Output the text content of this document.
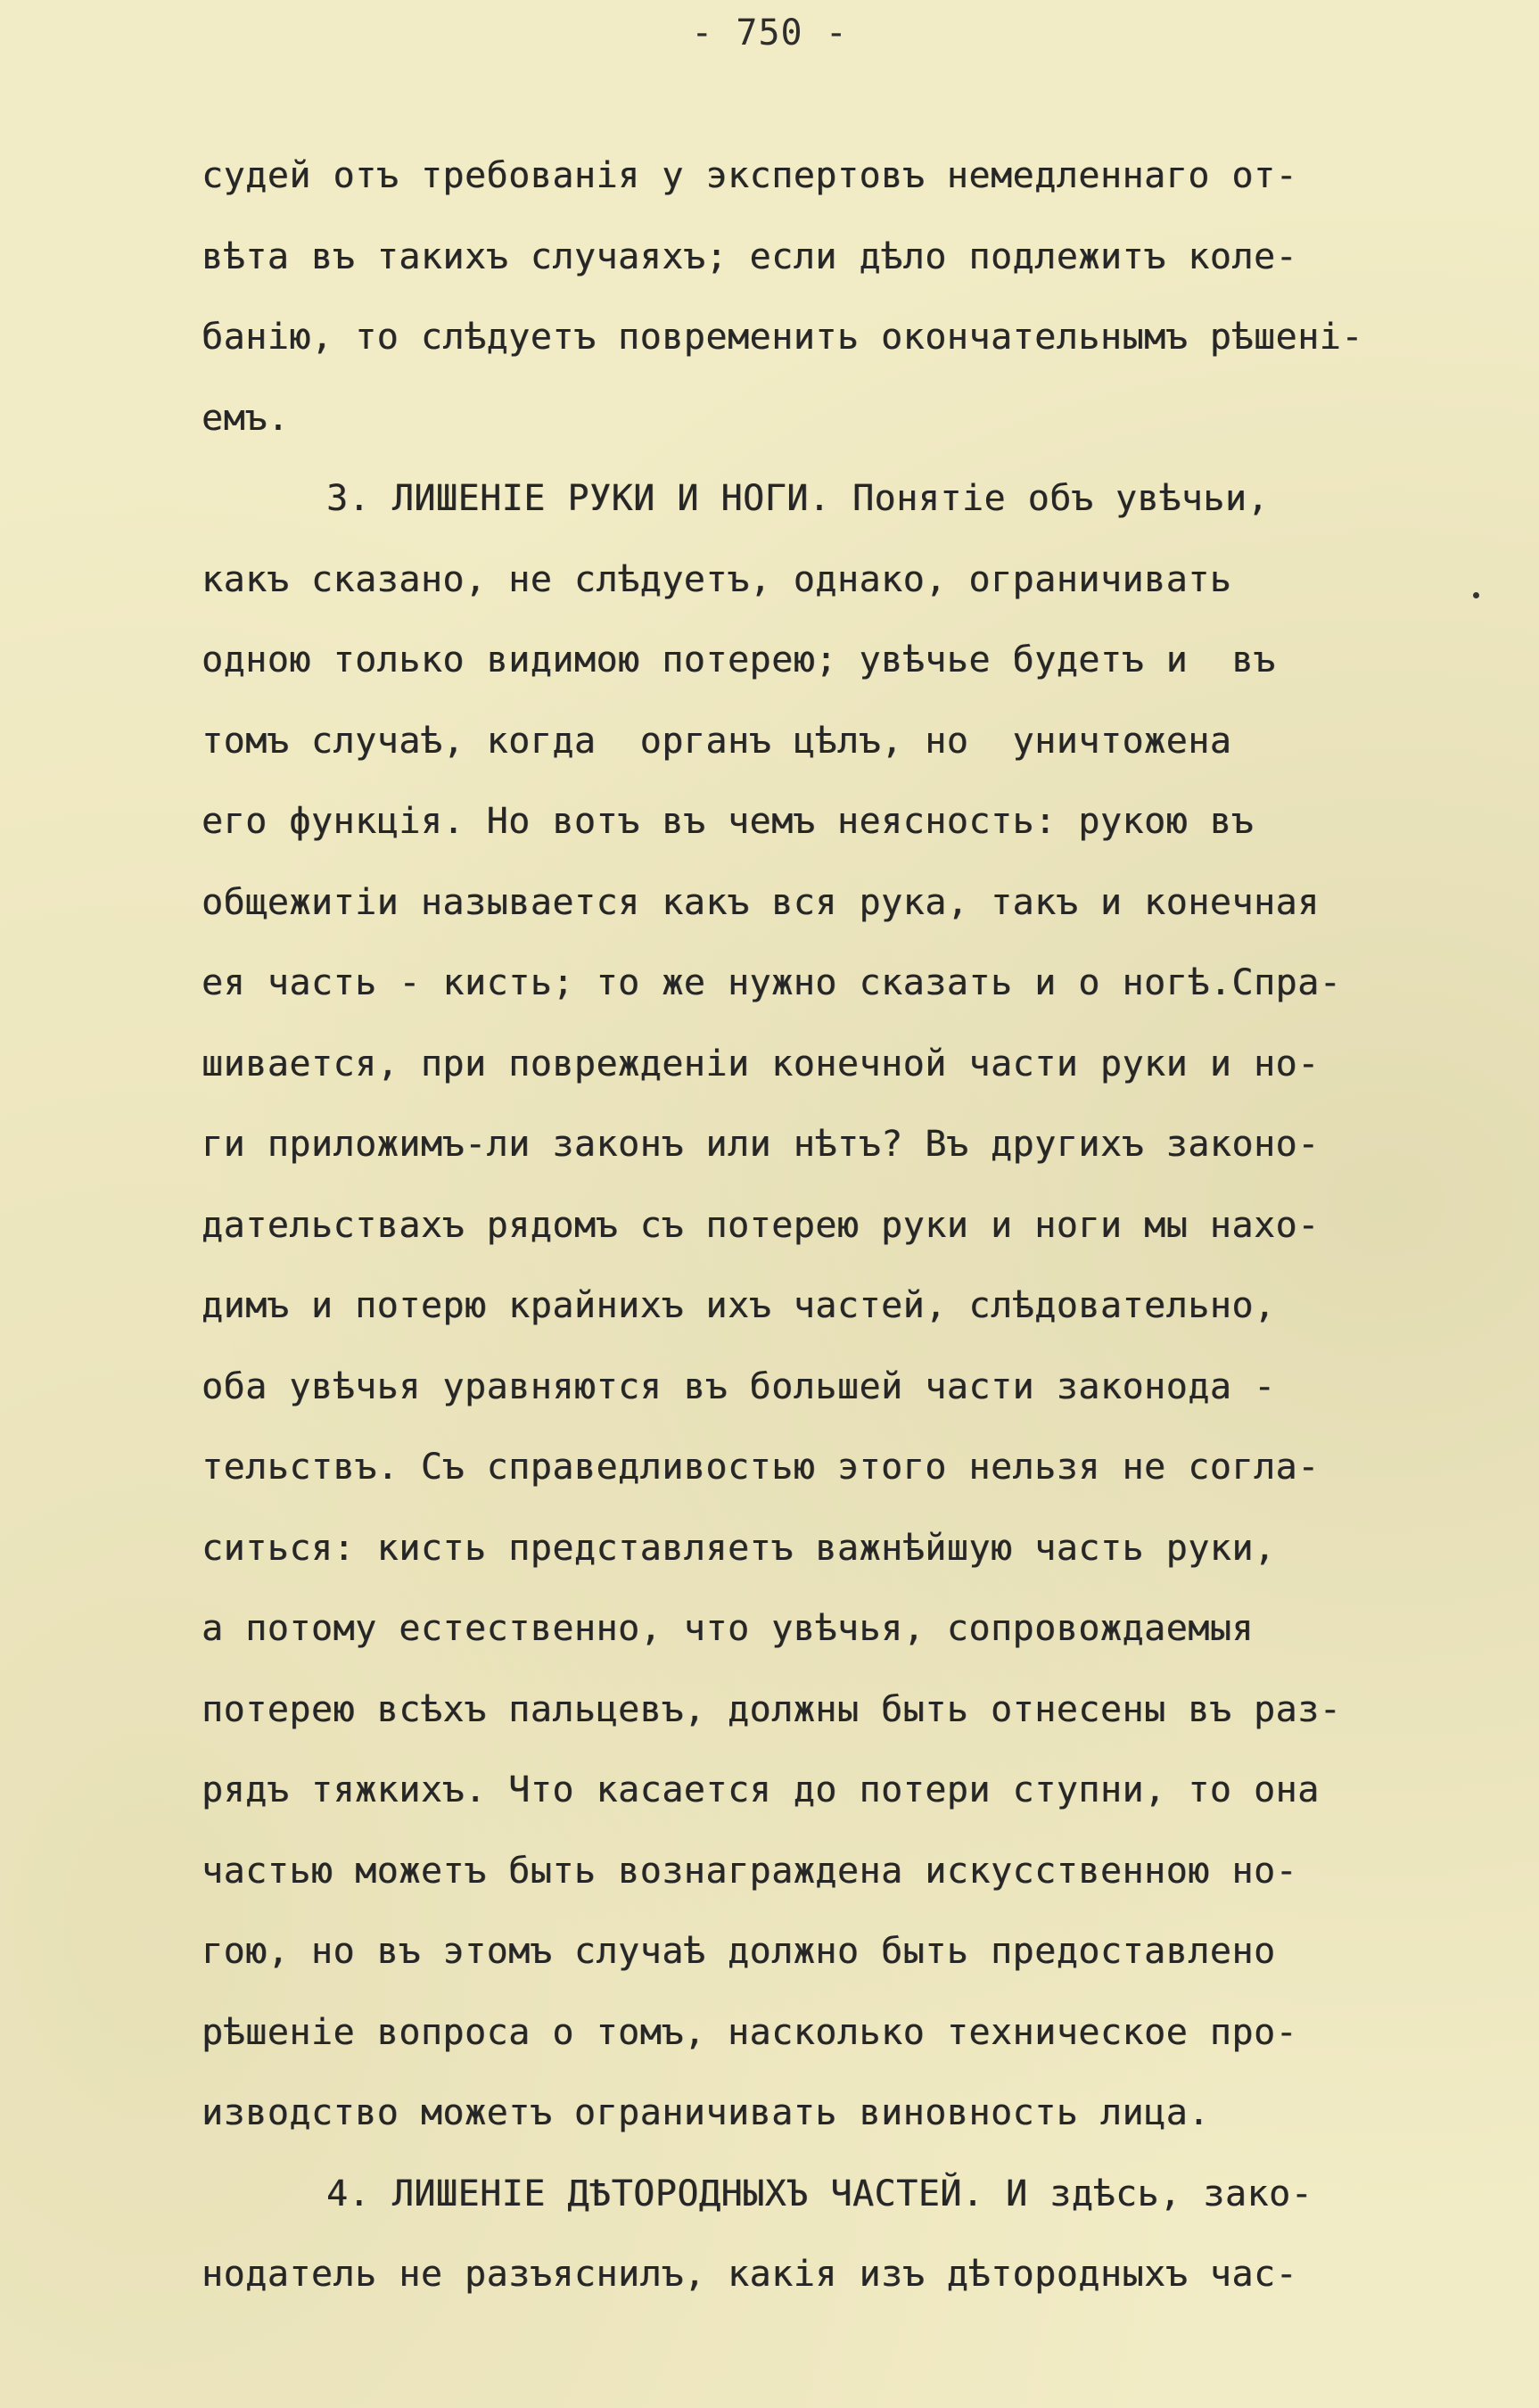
- 750 -
судей отъ требованія у экспертовъ немедленнаго от-
вѣта въ такихъ случаяхъ; если дѣло подлежитъ коле-
банію, то слѣдуетъ повременить окончательнымъ рѣшені-
емъ.
3. ЛИШЕНІЕ РУКИ И НОГИ. Понятіе объ увѣчьи,
какъ сказано, не слѣдуетъ, однако, ограничивать
одною только видимою потерею; увѣчье будетъ и  въ
томъ случаѣ, когда  органъ цѣлъ, но  уничтожена
его функція. Но вотъ въ чемъ неясность: рукою въ
общежитіи называется какъ вся рука, такъ и конечная
ея часть - кисть; то же нужно сказать и о ногѣ.Спра-
шивается, при поврежденіи конечной части руки и но-
ги приложимъ-ли законъ или нѣтъ? Въ другихъ законо-
дательствахъ рядомъ съ потерею руки и ноги мы нахо-
димъ и потерю крайнихъ ихъ частей, слѣдовательно,
оба увѣчья уравняются въ большей части законода -
тельствъ. Съ справедливостью этого нельзя не согла-
ситься: кисть представляетъ важнѣйшую часть руки,
а потому естественно, что увѣчья, сопровождаемыя
потерею всѣхъ пальцевъ, должны быть отнесены въ раз-
рядъ тяжкихъ. Что касается до потери ступни, то она
частью можетъ быть вознаграждена искусственною но-
гою, но въ этомъ случаѣ должно быть предоставлено
рѣшеніе вопроса о томъ, насколько техническое про-
изводство можетъ ограничивать виновность лица.
4. ЛИШЕНІЕ ДѢТОРОДНЫХЪ ЧАСТЕЙ. И здѣсь, зако-
нодатель не разъяснилъ, какія изъ дѣтородныхъ час-
